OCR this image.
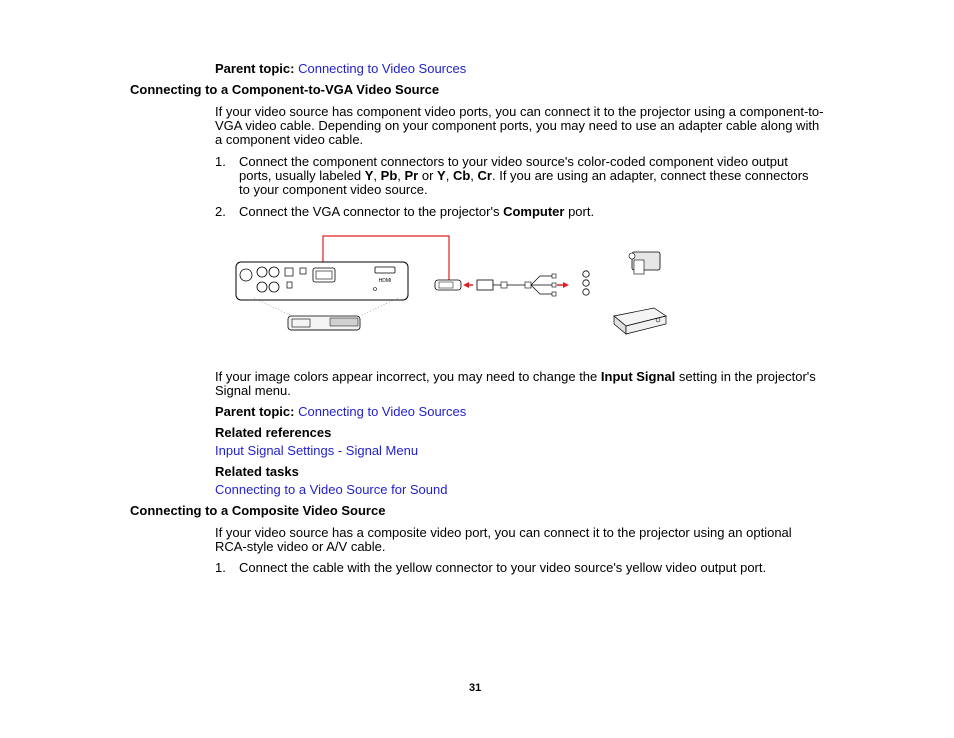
Parent topic: Connecting to Video Sources
Connecting to a Component-to-VGA Video Source
If your video source has component video ports, you can connect it to the projector using a component-to-VGA video cable. Depending on your component ports, you may need to use an adapter cable along with a component video cable.
1. Connect the component connectors to your video source's color-coded component video output ports, usually labeled Y, Pb, Pr or Y, Cb, Cr. If you are using an adapter, connect these connectors to your component video source.
2. Connect the VGA connector to the projector's Computer port.
HDMI
If your image colors appear incorrect, you may need to change the Input Signal setting in the projector's Signal menu.
Parent topic: Connecting to Video Sources
Related references
Input Signal Settings - Signal Menu
Related tasks
Connecting to a Video Source for Sound
Connecting to a Composite Video Source
If your video source has a composite video port, you can connect it to the projector using an optional RCA-style video or A/V cable.
1. Connect the cable with the yellow connector to your video source's yellow video output port.
31
